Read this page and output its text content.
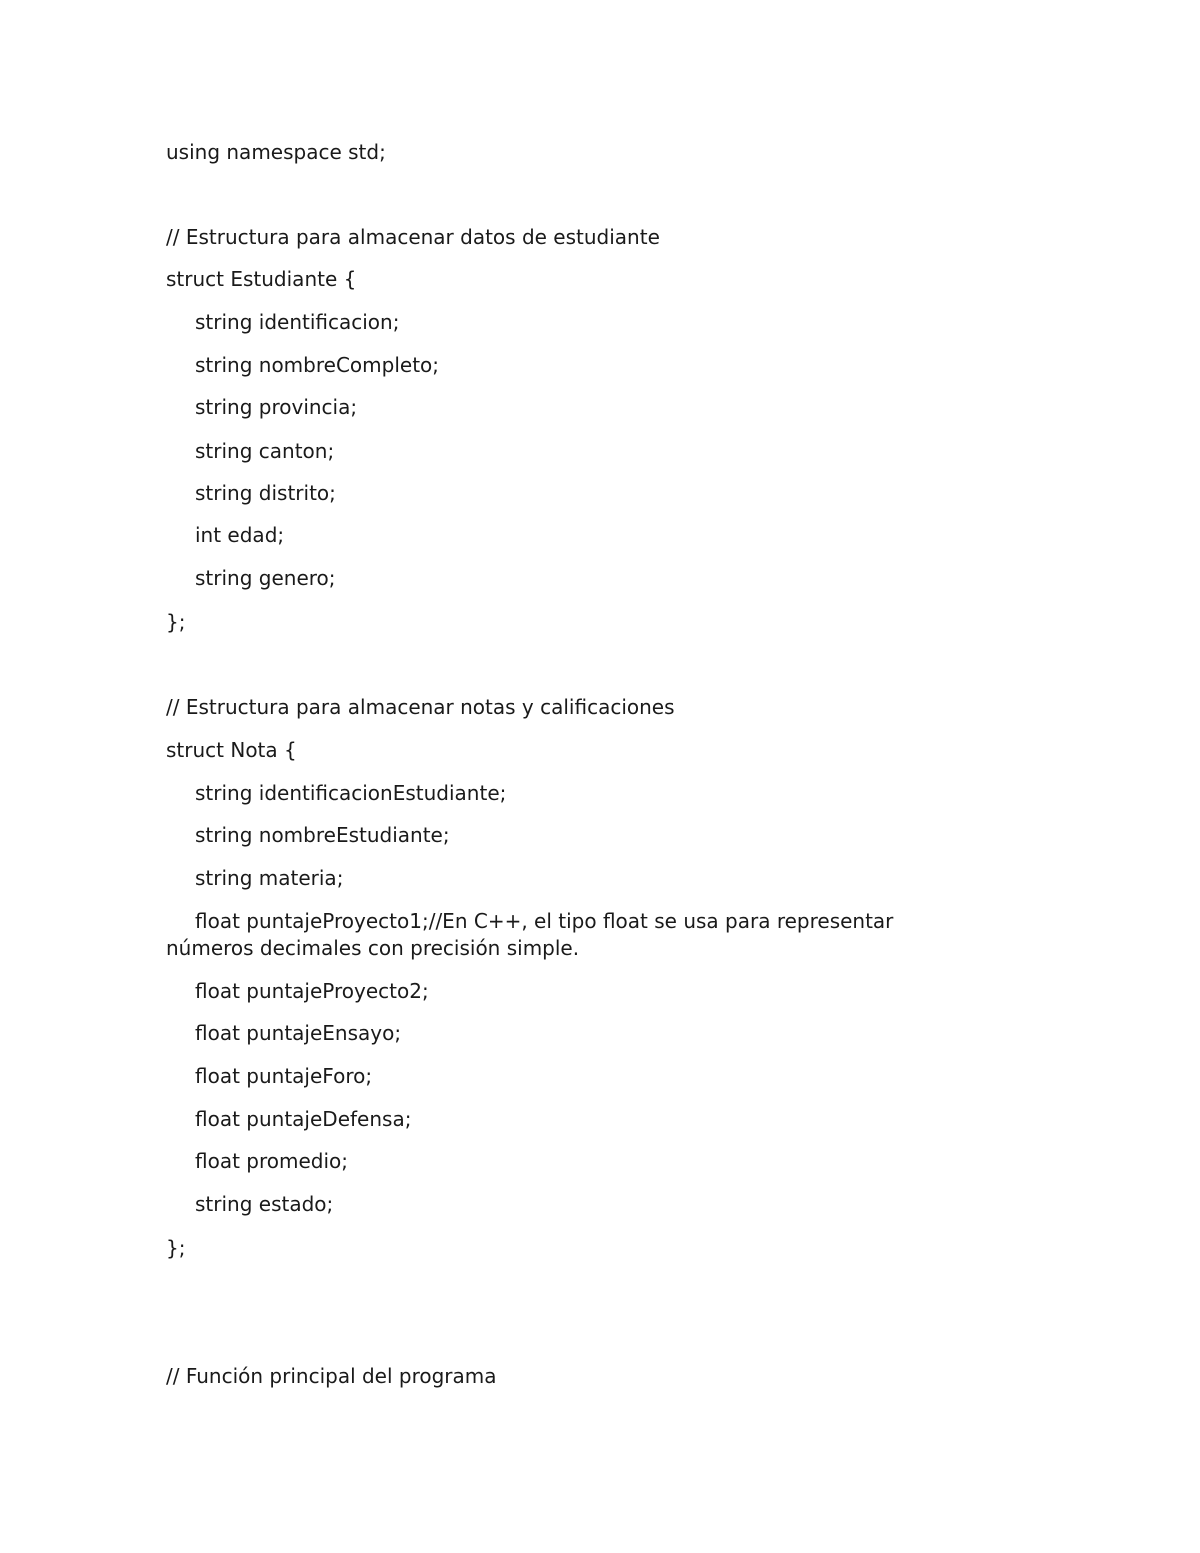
using namespace std;

// Estructura para almacenar datos de estudiante

struct Estudiante {

string identificacion;

string nombreCompleto;

string provincia;

string canton;

string distrito;

int edad;

string genero;

};

// Estructura para almacenar notas y calificaciones

struct Nota {

string identificacionEstudiante;

string nombreEstudiante;

string materia;

float puntajeProyecto1;//En C++, el tipo float se usa para representar números decimales con precisión simple.

float puntajeProyecto2;

float puntajeEnsayo;

float puntajeForo;

float puntajeDefensa;

float promedio;

string estado;

};

// Función principal del programa
